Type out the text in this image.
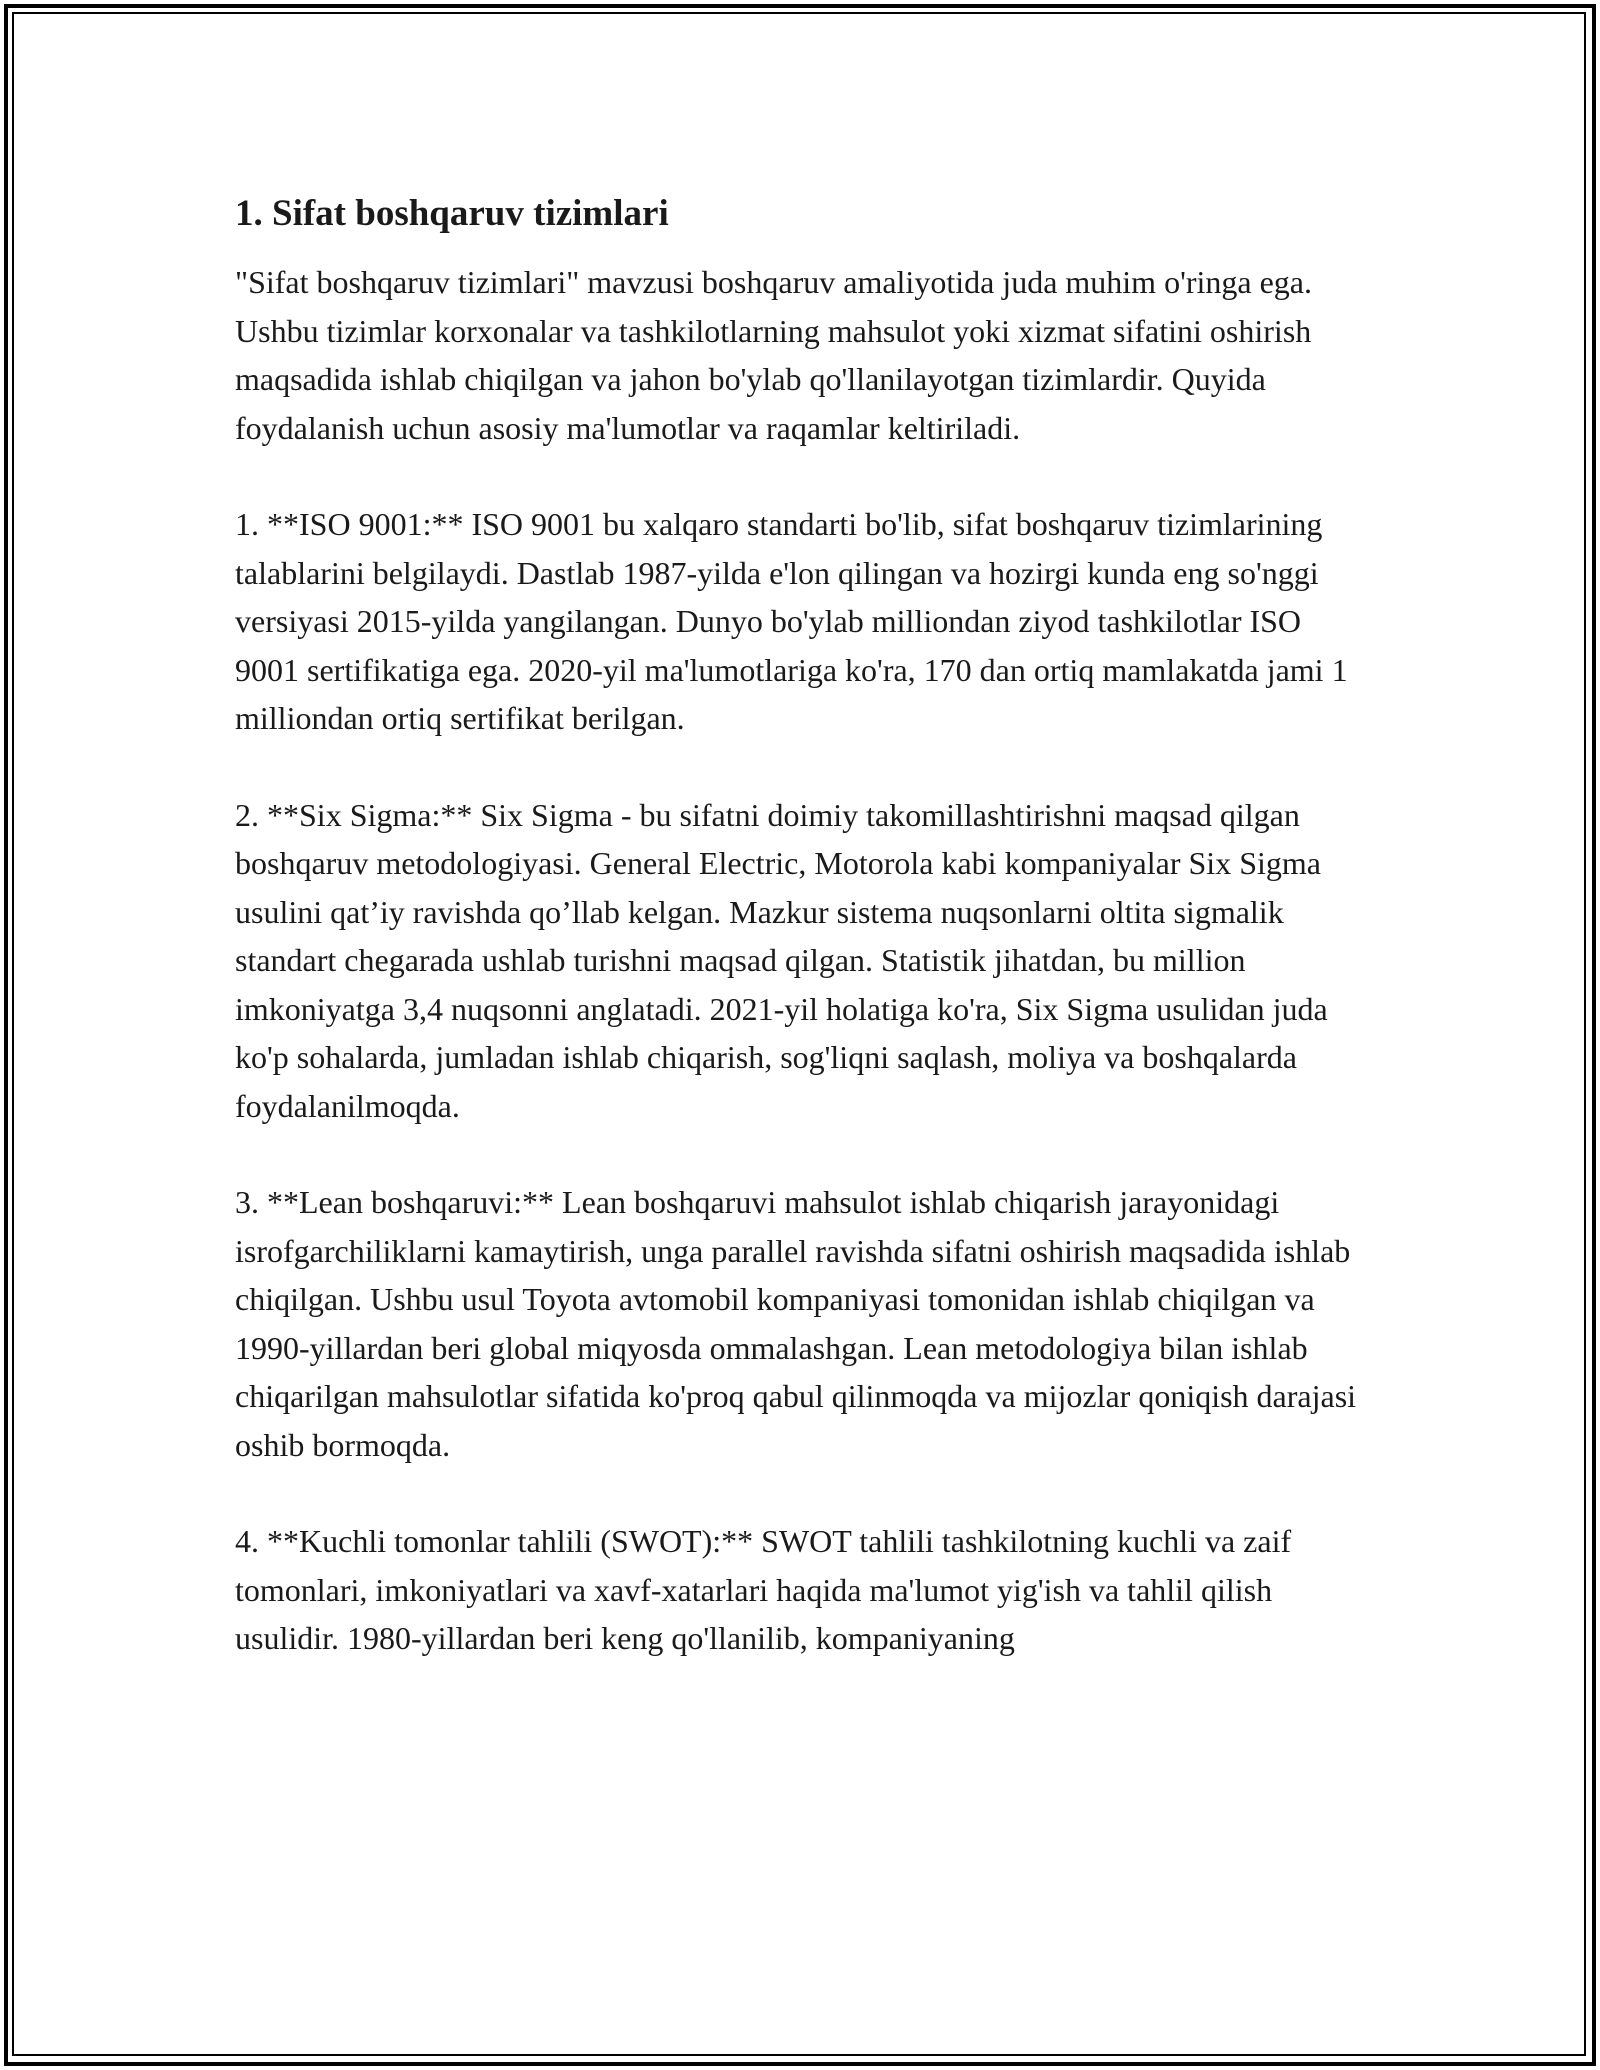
1. Sifat boshqaruv tizimlari

"Sifat boshqaruv tizimlari" mavzusi boshqaruv amaliyotida juda muhim o'ringa ega. Ushbu tizimlar korxonalar va tashkilotlarning mahsulot yoki xizmat sifatini oshirish maqsadida ishlab chiqilgan va jahon bo'ylab qo'llanilayotgan tizimlardir. Quyida foydalanish uchun asosiy ma'lumotlar va raqamlar keltiriladi.

1. **ISO 9001:** ISO 9001 bu xalqaro standarti bo'lib, sifat boshqaruv tizimlarining talablarini belgilaydi. Dastlab 1987-yilda e'lon qilingan va hozirgi kunda eng so'nggi versiyasi 2015-yilda yangilangan. Dunyo bo'ylab milliondan ziyod tashkilotlar ISO 9001 sertifikatiga ega. 2020-yil ma'lumotlariga ko'ra, 170 dan ortiq mamlakatda jami 1 milliondan ortiq sertifikat berilgan.

2. **Six Sigma:** Six Sigma - bu sifatni doimiy takomillashtirishni maqsad qilgan boshqaruv metodologiyasi. General Electric, Motorola kabi kompaniyalar Six Sigma usulini qat’iy ravishda qo’llab kelgan. Mazkur sistema nuqsonlarni oltita sigmalik standart chegarada ushlab turishni maqsad qilgan. Statistik jihatdan, bu million imkoniyatga 3,4 nuqsonni anglatadi. 2021-yil holatiga ko'ra, Six Sigma usulidan juda ko'p sohalarda, jumladan ishlab chiqarish, sog'liqni saqlash, moliya va boshqalarda foydalanilmoqda.

3. **Lean boshqaruvi:** Lean boshqaruvi mahsulot ishlab chiqarish jarayonidagi isrofgarchiliklarni kamaytirish, unga parallel ravishda sifatni oshirish maqsadida ishlab chiqilgan. Ushbu usul Toyota avtomobil kompaniyasi tomonidan ishlab chiqilgan va 1990-yillardan beri global miqyosda ommalashgan. Lean metodologiya bilan ishlab chiqarilgan mahsulotlar sifatida ko'proq qabul qilinmoqda va mijozlar qoniqish darajasi oshib bormoqda.

4. **Kuchli tomonlar tahlili (SWOT):** SWOT tahlili tashkilotning kuchli va zaif tomonlari, imkoniyatlari va xavf-xatarlari haqida ma'lumot yig'ish va tahlil qilish usulidir. 1980-yillardan beri keng qo'llanilib, kompaniyaning
